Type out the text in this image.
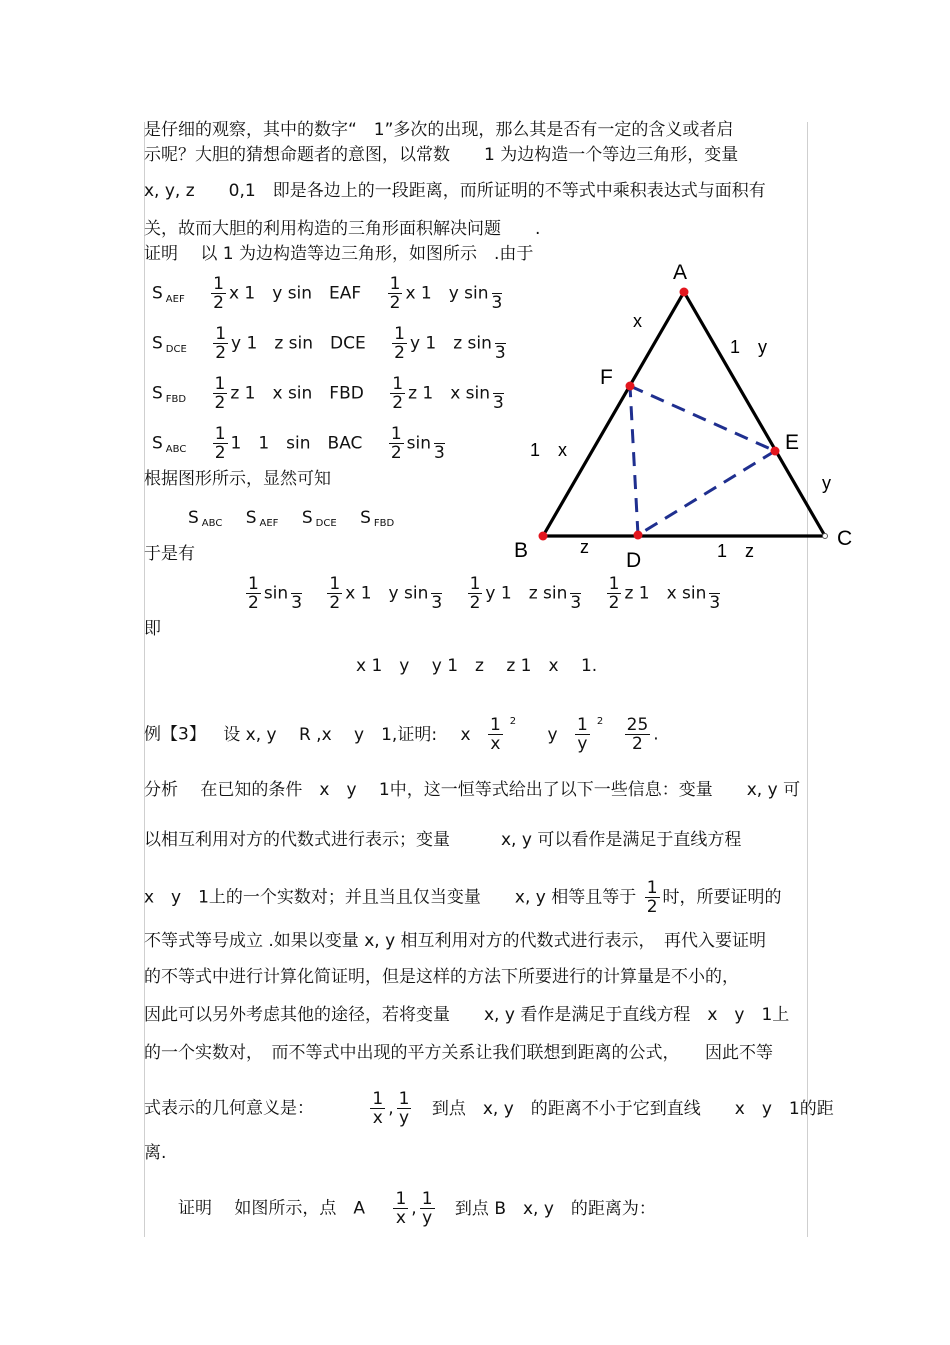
是仔细的观察，其中的数字“　1”多次的出现，那么其是否有一定的含义或者启
示呢？大胆的猜想命题者的意图，以常数　　1 为边构造一个等边三角形，变量
x, y, z　　0,1　即是各边上的一段距离，而所证明的不等式中乘积表达式与面积有
关，故而大胆的利用构造的三角形面积解决问题　　.
证明　 以 1 为边构造等边三角形，如图所示　.由于
S $_{AEF} \frac{1}{2}$ x 1　y sin　EAF $\frac{1}{2}$ x 1　y sin
3
S $_{DCE} \frac{1}{2}$ y 1　z sin　DCE $\frac{1}{2}$ y 1　z sin
3
S $_{FBD} \frac{1}{2}$ z 1　x sin　FBD $\frac{1}{2}$ z 1　x sin
3
S $_{ABC} \frac{1}{2} 1$　1　sin　BAC $\frac{1}{2}$ sin
3
根据图形所示，显然可知
S $_{ABC}$ S $_{AEF}$ S $_{DCE}$ S $_{FBD}$
于是有
$\frac{1}{2}$ sin
3
$\frac{1}{2}$ x 1　y sin
3
$\frac{1}{2}$ y 1　z sin
3
$\frac{1}{2}$ z 1　x sin
3
即
x 1　y　 y 1　z　 z 1　x　 1.
例【3】 设 x, y　 R ,x　 y　1,证明: x $\frac{1}{x} ^2$ y $\frac{1}{y} ^2 \frac{25}{2}$ .
分析　 在已知的条件　x　y　 1中，这一恒等式给出了以下一些信息：变量　　x, y 可
以相互利用对方的代数式进行表示；变量　　　x, y 可以看作是满足于直线方程
x　y　1上的一个实数对；并且当且仅当变量　　x, y 相等且等于 $\frac{1}{2}$ 时，所要证明的
不等式等号成立 .如果以变量 x, y 相互利用对方的代数式进行表示，　再代入要证明
的不等式中进行计算化简证明，但是这样的方法下所要进行的计算量是不小的，
因此可以另外考虑其他的途径，若将变量　　x, y 看作是满足于直线方程　x　y　1上
的一个实数对，　而不等式中出现的平方关系让我们联想到距离的公式，　　因此不等
式表示的几何意义是：	$\frac{1}{x}$ , $\frac{1}{y}$ 到点　x, y　的距离不小于它到直线　　x　y　1的距
离.
证明　 如图所示，点　A $\frac{1}{x}$ , $\frac{1}{y}$ 到点 B　x, y　的距离为：
A
F
E
B
C
D
x
1　y
1　x
y
z	1　z
